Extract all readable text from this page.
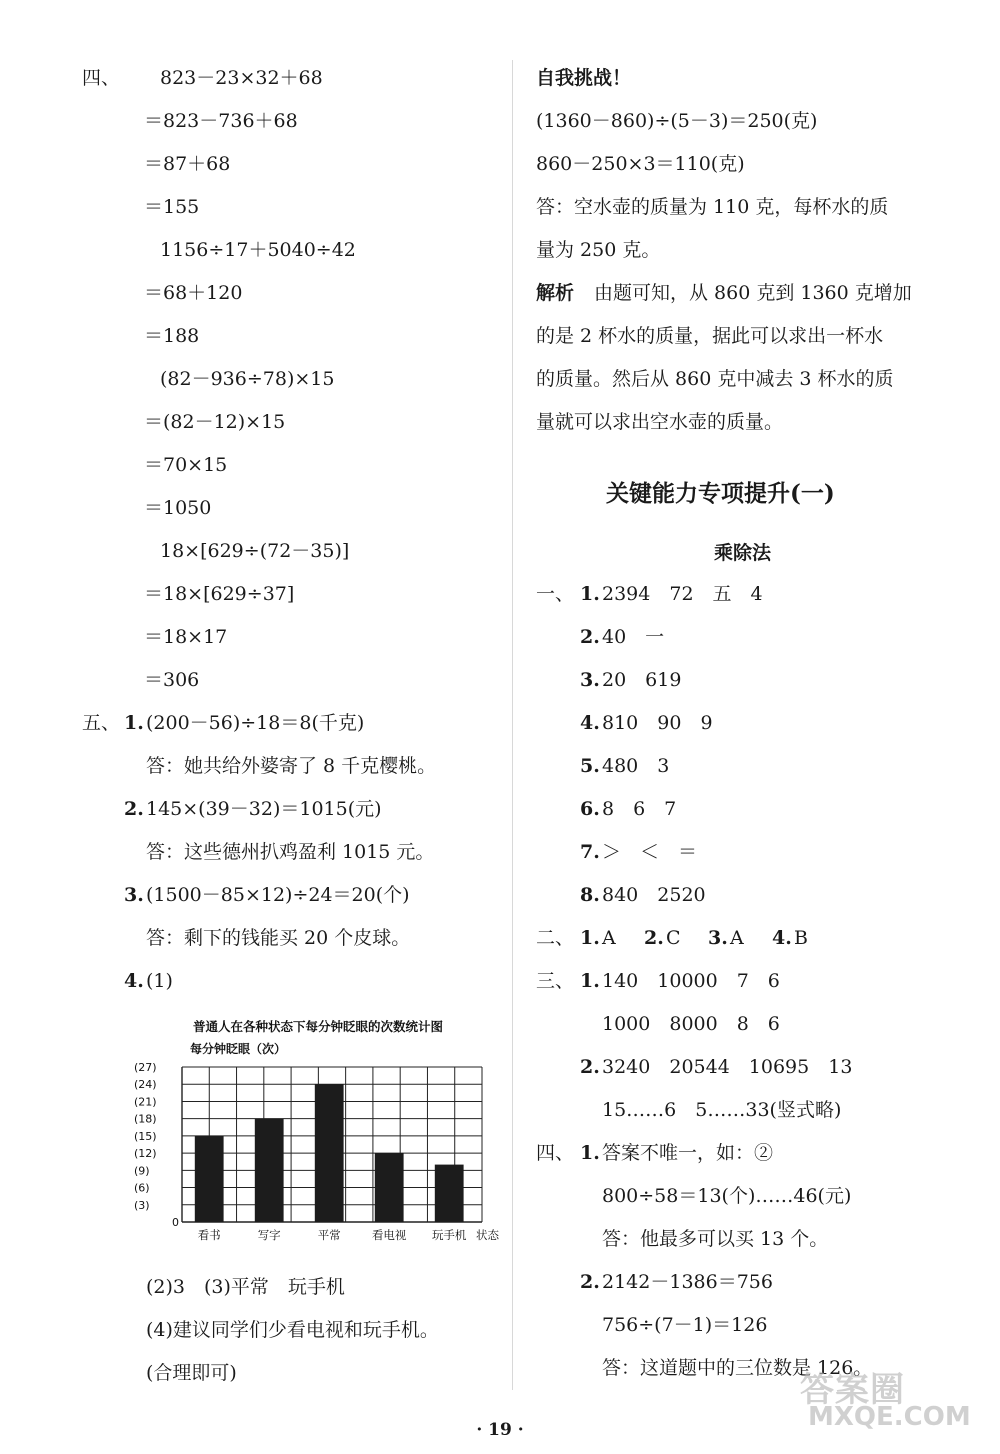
四、 823－23×32＋68
＝823－736＋68
＝87＋68
＝155
1156÷17＋5040÷42
＝68＋120
＝188
(82－936÷78)×15
＝(82－12)×15
＝70×15
＝1050
18×[629÷(72－35)]
＝18×[629÷37]
＝18×17
＝306
五、 1. (200－56)÷18＝8(千克)
答：她共给外婆寄了 8 千克樱桃。
2. 145×(39－32)＝1015(元)
答：这些德州扒鸡盈利 1015 元。
3. (1500－85×12)÷24＝20(个)
答：剩下的钱能买 20 个皮球。
4. (1)
普通人在各种状态下每分钟眨眼的次数统计图
每分钟眨眼（次）
(27)
(24)
(21)
(18)
(15)
(12)
(9)
(6)
(3)
0
看书	写字	平常	看电视 玩手机 状态
(2)3　(3)平常　玩手机
(4)建议同学们少看电视和玩手机。
(合理即可)
自我挑战！
(1360－860)÷(5－3)＝250(克)
860－250×3＝110(克)
答：空水壶的质量为 110 克，每杯水的质
量为 250 克。
解析 由题可知，从 860 克到 1360 克增加
的是 2 杯水的质量，据此可以求出一杯水
的质量。然后从 860 克中减去 3 杯水的质
量就可以求出空水壶的质量。
关键能力专项提升(一)
乘除法
一、 1. 2394　72　五　4
2. 40　一
3. 20　619
4. 810　90　9
5. 480　3
6. 8　6　7
7. ＞　＜　＝
8. 840　2520
二、 1. A 2. C 3. A 4. B
三、 1. 140　10000　7　6
1000　8000　8　6
2. 3240　20544　10695　13
15……6　5……33(竖式略)
四、 1. 答案不唯一，如：②
800÷58＝13(个)……46(元)
答：他最多可以买 13 个。
2. 2142－1386＝756
756÷(7－1)＝126
答：这道题中的三位数是 126。
答案圈
MXQE.COM
· 19 ·
